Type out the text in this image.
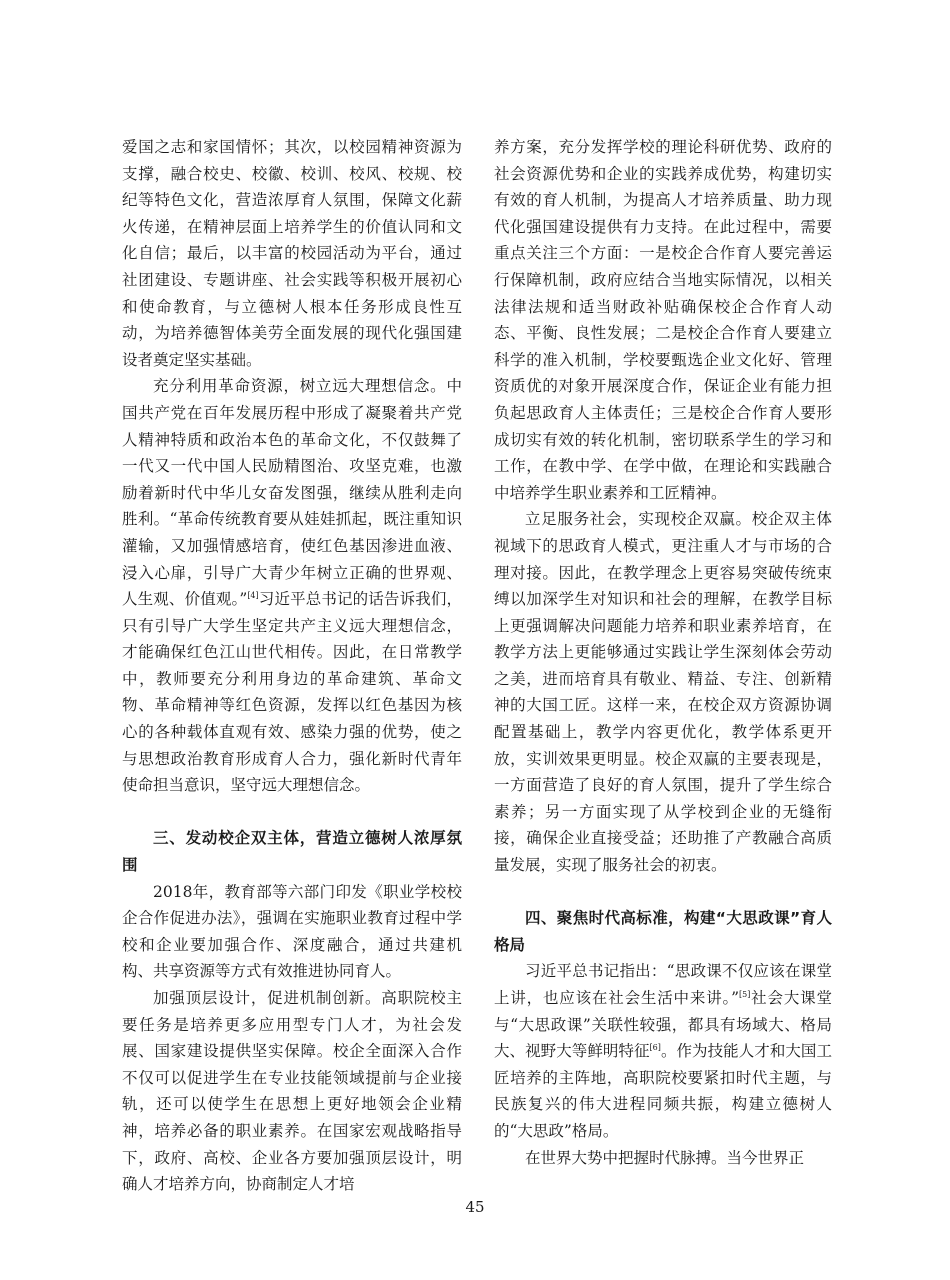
爱国之志和家国情怀；其次，以校园精神资源为支撑，融合校史、校徽、校训、校风、校规、校纪等特色文化，营造浓厚育人氛围，保障文化薪火传递，在精神层面上培养学生的价值认同和文化自信；最后，以丰富的校园活动为平台，通过社团建设、专题讲座、社会实践等积极开展初心和使命教育，与立德树人根本任务形成良性互动，为培养德智体美劳全面发展的现代化强国建设者奠定坚实基础。

充分利用革命资源，树立远大理想信念。中国共产党在百年发展历程中形成了凝聚着共产党人精神特质和政治本色的革命文化，不仅鼓舞了一代又一代中国人民励精图治、攻坚克难，也激励着新时代中华儿女奋发图强，继续从胜利走向胜利。“革命传统教育要从娃娃抓起，既注重知识灌输，又加强情感培育，使红色基因渗进血液、浸入心扉，引导广大青少年树立正确的世界观、人生观、价值观。”[4]习近平总书记的话告诉我们，只有引导广大学生坚定共产主义远大理想信念，才能确保红色江山世代相传。因此，在日常教学中，教师要充分利用身边的革命建筑、革命文物、革命精神等红色资源，发挥以红色基因为核心的各种载体直观有效、感染力强的优势，使之与思想政治教育形成育人合力，强化新时代青年使命担当意识，坚守远大理想信念。

三、发动校企双主体，营造立德树人浓厚氛围

2018年，教育部等六部门印发《职业学校校企合作促进办法》，强调在实施职业教育过程中学校和企业要加强合作、深度融合，通过共建机构、共享资源等方式有效推进协同育人。

加强顶层设计，促进机制创新。高职院校主要任务是培养更多应用型专门人才，为社会发展、国家建设提供坚实保障。校企全面深入合作不仅可以促进学生在专业技能领域提前与企业接轨，还可以使学生在思想上更好地领会企业精神，培养必备的职业素养。在国家宏观战略指导下，政府、高校、企业各方要加强顶层设计，明确人才培养方向，协商制定人才培

养方案，充分发挥学校的理论科研优势、政府的社会资源优势和企业的实践养成优势，构建切实有效的育人机制，为提高人才培养质量、助力现代化强国建设提供有力支持。在此过程中，需要重点关注三个方面：一是校企合作育人要完善运行保障机制，政府应结合当地实际情况，以相关法律法规和适当财政补贴确保校企合作育人动态、平衡、良性发展；二是校企合作育人要建立科学的准入机制，学校要甄选企业文化好、管理资质优的对象开展深度合作，保证企业有能力担负起思政育人主体责任；三是校企合作育人要形成切实有效的转化机制，密切联系学生的学习和工作，在教中学、在学中做，在理论和实践融合中培养学生职业素养和工匠精神。

立足服务社会，实现校企双赢。校企双主体视域下的思政育人模式，更注重人才与市场的合理对接。因此，在教学理念上更容易突破传统束缚以加深学生对知识和社会的理解，在教学目标上更强调解决问题能力培养和职业素养培育，在教学方法上更能够通过实践让学生深刻体会劳动之美，进而培育具有敬业、精益、专注、创新精神的大国工匠。这样一来，在校企双方资源协调配置基础上，教学内容更优化，教学体系更开放，实训效果更明显。校企双赢的主要表现是，一方面营造了良好的育人氛围，提升了学生综合素养；另一方面实现了从学校到企业的无缝衔接，确保企业直接受益；还助推了产教融合高质量发展，实现了服务社会的初衷。

四、聚焦时代高标准，构建“大思政课”育人格局

习近平总书记指出：“思政课不仅应该在课堂上讲，也应该在社会生活中来讲。”[5]社会大课堂与“大思政课”关联性较强，都具有场域大、格局大、视野大等鲜明特征[6]。作为技能人才和大国工匠培养的主阵地，高职院校要紧扣时代主题，与民族复兴的伟大进程同频共振，构建立德树人的“大思政”格局。

在世界大势中把握时代脉搏。当今世界正

45
